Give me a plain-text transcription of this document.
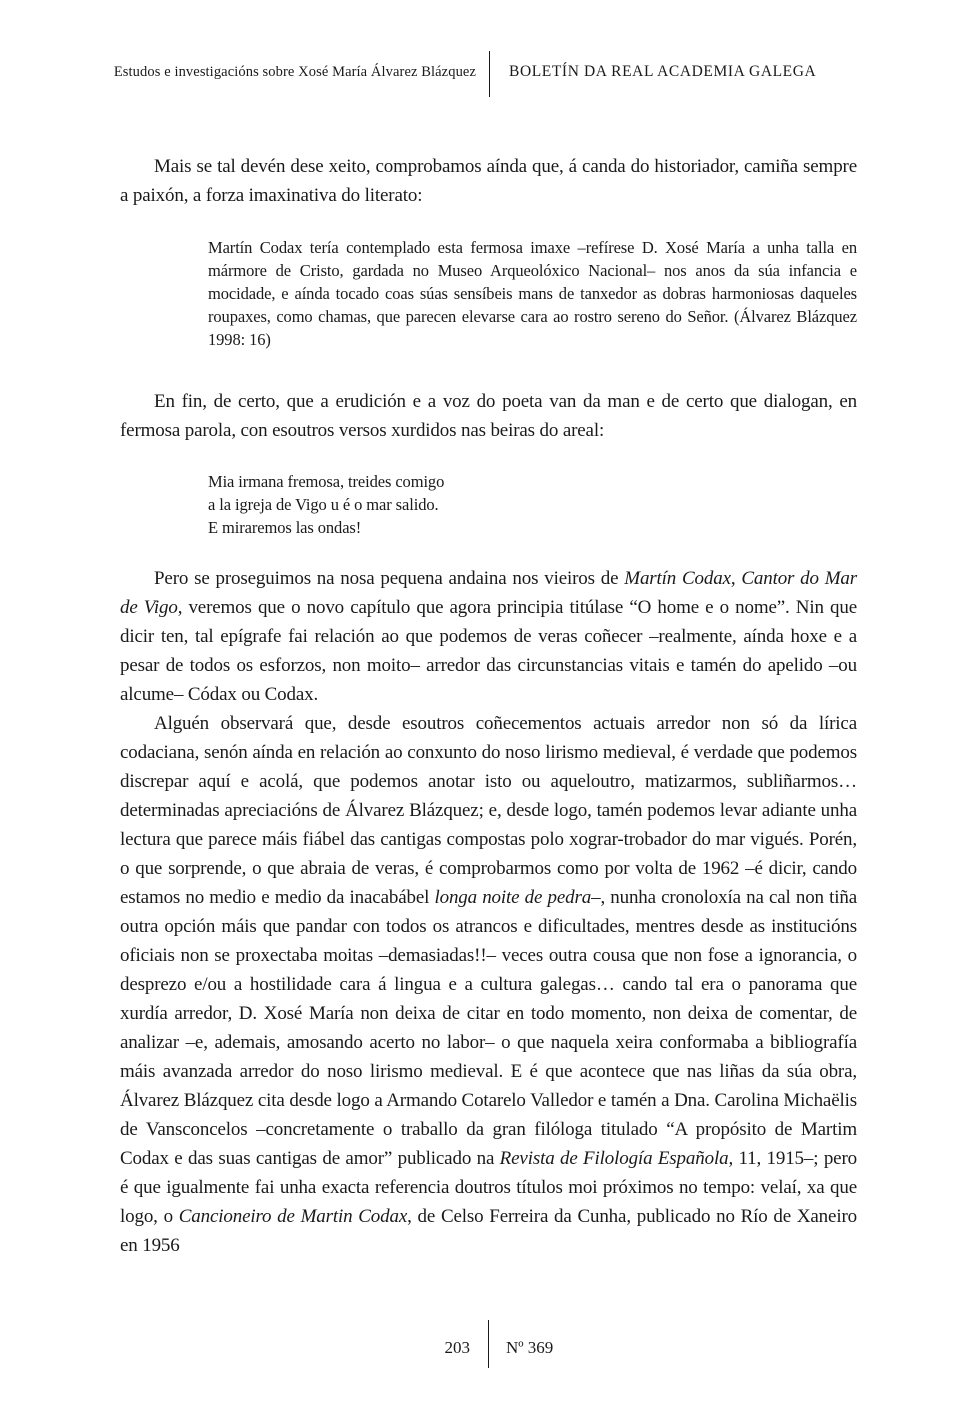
Estudos e investigacións sobre Xosé María Álvarez Blázquez BOLETÍN DA REAL ACADEMIA GALEGA
Mais se tal devén dese xeito, comprobamos aínda que, á canda do historiador, camiña sempre a paixón, a forza imaxinativa do literato:
Martín Codax tería contemplado esta fermosa imaxe –refírese D. Xosé María a unha talla en mármore de Cristo, gardada no Museo Arqueolóxico Nacional– nos anos da súa infancia e mocidade, e aínda tocado coas súas sensíbeis mans de tanxedor as dobras harmoniosas daqueles roupaxes, como chamas, que parecen elevarse cara ao rostro sereno do Señor. (Álvarez Blázquez 1998: 16)
En fin, de certo, que a erudición e a voz do poeta van da man e de certo que dialogan, en fermosa parola, con esoutros versos xurdidos nas beiras do areal:
Mia irmana fremosa, treides comigo
a la igreja de Vigo u é o mar salido.
E miraremos las ondas!
Pero se proseguimos na nosa pequena andaina nos vieiros de Martín Codax, Cantor do Mar de Vigo, veremos que o novo capítulo que agora principia titúlase “O home e o nome”. Nin que dicir ten, tal epígrafe fai relación ao que podemos de veras coñecer –realmente, aínda hoxe e a pesar de todos os esforzos, non moito– arredor das circunstancias vitais e tamén do apelido –ou alcume– Códax ou Codax.
Alguén observará que, desde esoutros coñecementos actuais arredor non só da lírica codaciana, senón aínda en relación ao conxunto do noso lirismo medieval, é verdade que podemos discrepar aquí e acolá, que podemos anotar isto ou aqueloutro, matizarmos, subliñarmos… determinadas apreciacións de Álvarez Blázquez; e, desde logo, tamén podemos levar adiante unha lectura que parece máis fiábel das cantigas compostas polo xograr-trobador do mar vigués. Porén, o que sorprende, o que abraia de veras, é comprobarmos como por volta de 1962 –é dicir, cando estamos no medio e medio da inacabábel longa noite de pedra–, nunha cronoloxía na cal non tiña outra opción máis que pandar con todos os atrancos e dificultades, mentres desde as institucións oficiais non se proxectaba moitas –demasiadas!!– veces outra cousa que non fose a ignorancia, o desprezo e/ou a hostilidade cara á lingua e a cultura galegas… cando tal era o panorama que xurdía arredor, D. Xosé María non deixa de citar en todo momento, non deixa de comentar, de analizar –e, ademais, amosando acerto no labor– o que naquela xeira conformaba a bibliografía máis avanzada arredor do noso lirismo medieval. E é que acontece que nas liñas da súa obra, Álvarez Blázquez cita desde logo a Armando Cotarelo Valledor e tamén a Dna. Carolina Michaëlis de Vansconcelos –concretamente o traballo da gran filóloga titulado “A propósito de Martim Codax e das suas cantigas de amor” publicado na Revista de Filología Española, 11, 1915–; pero é que igualmente fai unha exacta referencia doutros títulos moi próximos no tempo: velaí, xa que logo, o Cancioneiro de Martin Codax, de Celso Ferreira da Cunha, publicado no Río de Xaneiro en 1956
203 Nº 369
